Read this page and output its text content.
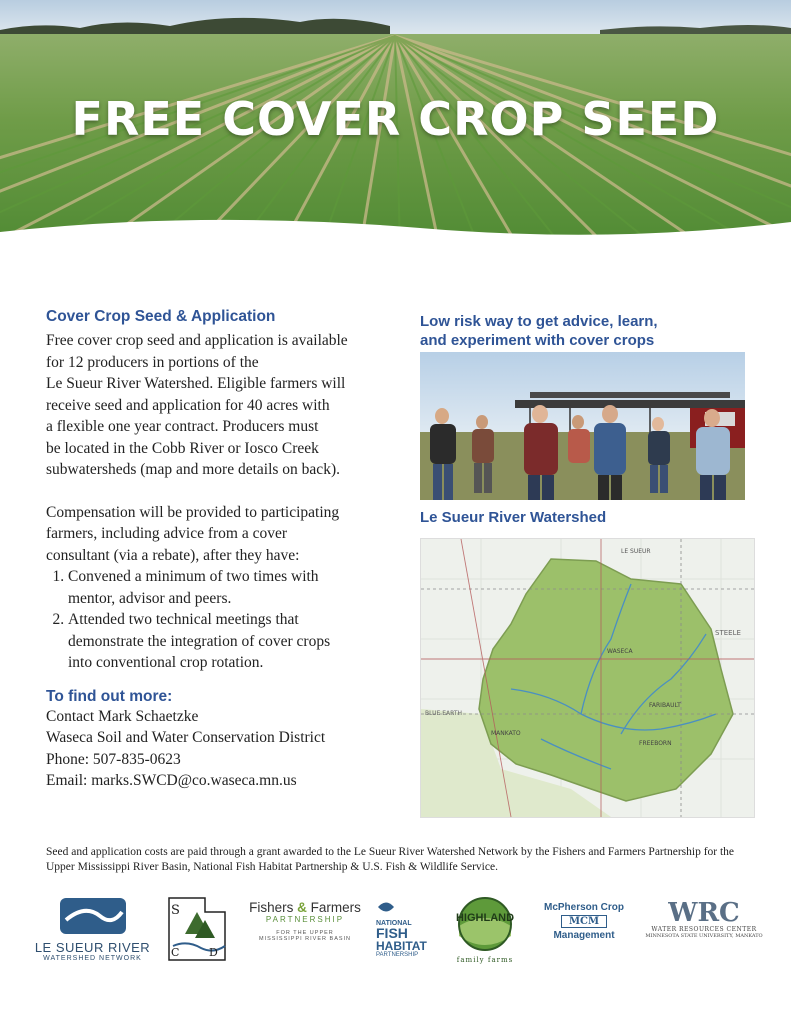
FREE COVER CROP SEED

Cover Crop Seed & Application

Free cover crop seed and application is available
for 12 producers in portions of the
Le Sueur River Watershed. Eligible farmers will
receive seed and application for 40 acres with
a flexible one year contract. Producers must
be located in the Cobb River or Iosco Creek
subwatersheds (map and more details on back).
Compensation will be provided to participating
farmers, including advice from a cover
consultant (via a rebate), after they have:
1. Convened a minimum of two times with
mentor, advisor and peers.
2. Attended two technical meetings that
demonstrate the integration of cover crops
into conventional crop rotation.

To find out more:

Contact Mark Schaetzke
Waseca Soil and Water Conservation District
Phone: 507-835-0623
Email: marks.SWCD@co.waseca.mn.us
Low risk way to get advice, learn,
and experiment with cover crops
Le Sueur River Watershed
LE SUEUR
STEELE
WASECA
BLUE EARTH
MANKATO
FARIBAULT
FREEBORN
Seed and application costs are paid through a grant awarded to the Le Sueur River Watershed Network by the Fishers and Farmers Partnership for the Upper Mississippi River Basin, National Fish Habitat Partnership & U.S. Fish & Wildlife Service.
LE SUEUR RIVER
WATERSHED NETWORK
S
C	D
Fishers & Farmers
PARTNERSHIP
FOR THE UPPER
MISSISSIPPI RIVER BASIN
NATIONAL
FISH
HABITAT
PARTNERSHIP
HIGHLAND
family farms
McPherson Crop
MCM
Management
WRC
WATER RESOURCES CENTER
MINNESOTA STATE UNIVERSITY, MANKATO
